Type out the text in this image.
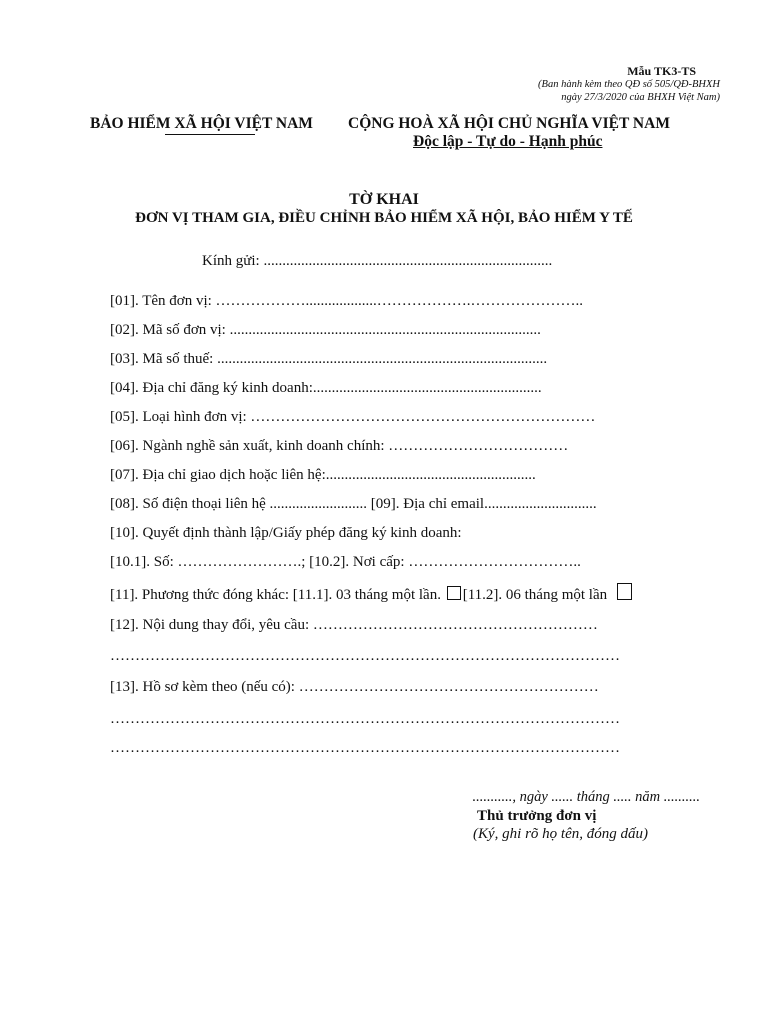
Mẫu TK3-TS
(Ban hành kèm theo QĐ số 505/QĐ-BHXH
ngày 27/3/2020 của BHXH Việt Nam)
BẢO HIỂM XÃ HỘI VIỆT NAM CỘNG HOÀ XÃ HỘI CHỦ NGHĨA VIỆT NAM
Độc lập - Tự do - Hạnh phúc
TỜ KHAI
ĐƠN VỊ THAM GIA, ĐIỀU CHỈNH BẢO HIỂM XÃ HỘI, BẢO HIỂM Y TẾ
Kính gửi: .............................................................................
[01]. Tên đơn vị: ………………...................……………….…………………..
[02]. Mã số đơn vị: ...................................................................................
[03]. Mã số thuế: ........................................................................................
[04]. Địa chỉ đăng ký kinh doanh:.............................................................
[05]. Loại hình đơn vị: ……………………………………………………………
[06]. Ngành nghề sản xuất, kinh doanh chính: ………………………………
[07]. Địa chỉ giao dịch hoặc liên hệ:........................................................
[08]. Số điện thoại liên hệ .......................... [09]. Địa chỉ email..............................
[10]. Quyết định thành lập/Giấy phép đăng ký kinh doanh:
[10.1]. Số: …………………….; [10.2]. Nơi cấp: ……………………………..
[11]. Phương thức đóng khác: [11.1]. 03 tháng một lần. [11.2]. 06 tháng một lần
[12]. Nội dung thay đổi, yêu cầu: …………………………………………………
…………………………………………………………………………………………
[13]. Hồ sơ kèm theo (nếu có): ……………………………………………………
…………………………………………………………………………………………
…………………………………………………………………………………………
..........., ngày ...... tháng ..... năm ..........
Thủ trưởng đơn vị
(Ký, ghi rõ họ tên, đóng dấu)
